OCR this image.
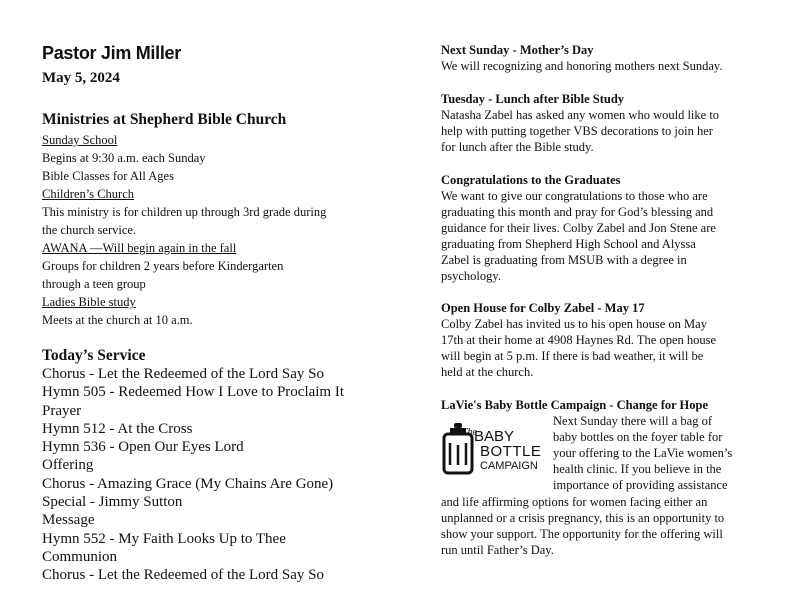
Pastor Jim Miller
May 5, 2024
Ministries at Shepherd Bible Church

Sunday School

Begins at 9:30 a.m. each Sunday

Bible Classes for All Ages

Children’s Church

This ministry is for children up through 3rd grade during

the church service.

AWANA —Will begin again in the fall

Groups for children 2 years before Kindergarten

through a teen group

Ladies Bible study

Meets at the church at 10 a.m.

Today’s Service

Chorus - Let the Redeemed of the Lord Say So

Hymn 505 - Redeemed How I Love to Proclaim It

Prayer

Hymn 512 - At the Cross

Hymn 536 - Open Our Eyes Lord

Offering

Chorus - Amazing Grace (My Chains Are Gone)

Special - Jimmy Sutton

Message

Hymn 552 - My Faith Looks Up to Thee

Communion

Chorus - Let the Redeemed of the Lord Say So

Next Sunday - Mother’s Day

We will recognizing and honoring mothers next Sunday.

Tuesday - Lunch after Bible Study

Natasha Zabel has asked any women who would like to

help with putting together VBS decorations to join her

for lunch after the Bible study.

Congratulations to the Graduates

We want to give our congratulations to those who are

graduating this month and pray for God’s blessing and

guidance for their lives. Colby Zabel and Jon Stene are

graduating from Shepherd High School and Alyssa

Zabel is graduating from MSUB with a degree in

psychology.

Open House for Colby Zabel - May 17

Colby Zabel has invited us to his open house on May

17th at their home at 4908 Haynes Rd. The open house

will begin at 5 p.m. If there is bad weather, it will be

held at the church.

LaVie's Baby Bottle Campaign - Change for Hope
The
BABY
BOTTLE
CAMPAIGN

Next Sunday there will a bag of

baby bottles on the foyer table for

your offering to the LaVie women’s

health clinic. If you believe in the

importance of providing assistance

and life affirming options for women facing either an

unplanned or a crisis pregnancy, this is an opportunity to

show your support. The opportunity for the offering will

run until Father’s Day.
